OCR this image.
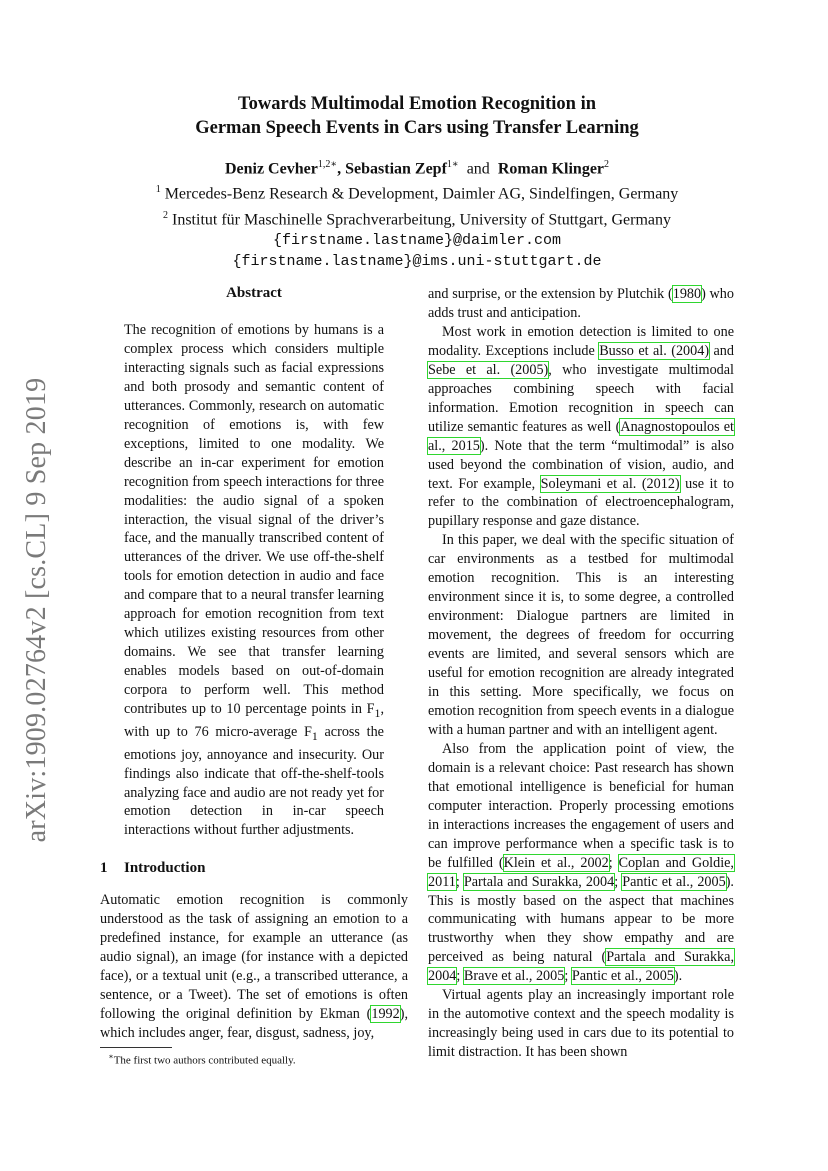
arXiv:1909.02764v2 [cs.CL] 9 Sep 2019
Towards Multimodal Emotion Recognition in
German Speech Events in Cars using Transfer Learning
Deniz Cevher$^{1,2∗}$, Sebastian Zepf$^{1∗}$ and Roman Klinger$^2$
$^1$ Mercedes-Benz Research & Development, Daimler AG, Sindelfingen, Germany
$^2$ Institut für Maschinelle Sprachverarbeitung, University of Stuttgart, Germany
{firstname.lastname}@daimler.com
{firstname.lastname}@ims.uni-stuttgart.de
Abstract
The recognition of emotions by humans is a complex process which considers multiple interacting signals such as facial expressions and both prosody and semantic content of utterances. Commonly, research on automatic recognition of emotions is, with few exceptions, limited to one modality. We describe an in-car experiment for emotion recognition from speech interactions for three modalities: the audio signal of a spoken interaction, the visual signal of the driver’s face, and the manually transcribed content of utterances of the driver. We use off-the-shelf tools for emotion detection in audio and face and compare that to a neural transfer learning approach for emotion recognition from text which utilizes existing resources from other domains. We see that transfer learning enables models based on out-of-domain corpora to perform well. This method contributes up to 10 percentage points in $F_1$, with up to 76 micro-average $F_1$ across the emotions joy, annoyance and insecurity. Our findings also indicate that off-the-shelf-tools analyzing face and audio are not ready yet for emotion detection in in-car speech interactions without further adjustments.
1 Introduction

Automatic emotion recognition is commonly understood as the task of assigning an emotion to a predefined instance, for example an utterance (as audio signal), an image (for instance with a depicted face), or a textual unit (e.g., a transcribed utterance, a sentence, or a Tweet). The set of emotions is often following the original definition by Ekman (1992), which includes anger, fear, disgust, sadness, joy,

∗The first two authors contributed equally.

and surprise, or the extension by Plutchik (1980) who adds trust and anticipation.

Most work in emotion detection is limited to one modality. Exceptions include Busso et al. (2004) and Sebe et al. (2005), who investigate multimodal approaches combining speech with facial information. Emotion recognition in speech can utilize semantic features as well (Anagnostopoulos et al., 2015). Note that the term “multimodal” is also used beyond the combination of vision, audio, and text. For example, Soleymani et al. (2012) use it to refer to the combination of electroencephalogram, pupillary response and gaze distance.

In this paper, we deal with the specific situation of car environments as a testbed for multimodal emotion recognition. This is an interesting environment since it is, to some degree, a controlled environment: Dialogue partners are limited in movement, the degrees of freedom for occurring events are limited, and several sensors which are useful for emotion recognition are already integrated in this setting. More specifically, we focus on emotion recognition from speech events in a dialogue with a human partner and with an intelligent agent.

Also from the application point of view, the domain is a relevant choice: Past research has shown that emotional intelligence is beneficial for human computer interaction. Properly processing emotions in interactions increases the engagement of users and can improve performance when a specific task is to be fulfilled (Klein et al., 2002; Coplan and Goldie, 2011; Partala and Surakka, 2004; Pantic et al., 2005). This is mostly based on the aspect that machines communicating with humans appear to be more trustworthy when they show empathy and are perceived as being natural (Partala and Surakka, 2004; Brave et al., 2005; Pantic et al., 2005).

Virtual agents play an increasingly important role in the automotive context and the speech modality is increasingly being used in cars due to its potential to limit distraction. It has been shown
